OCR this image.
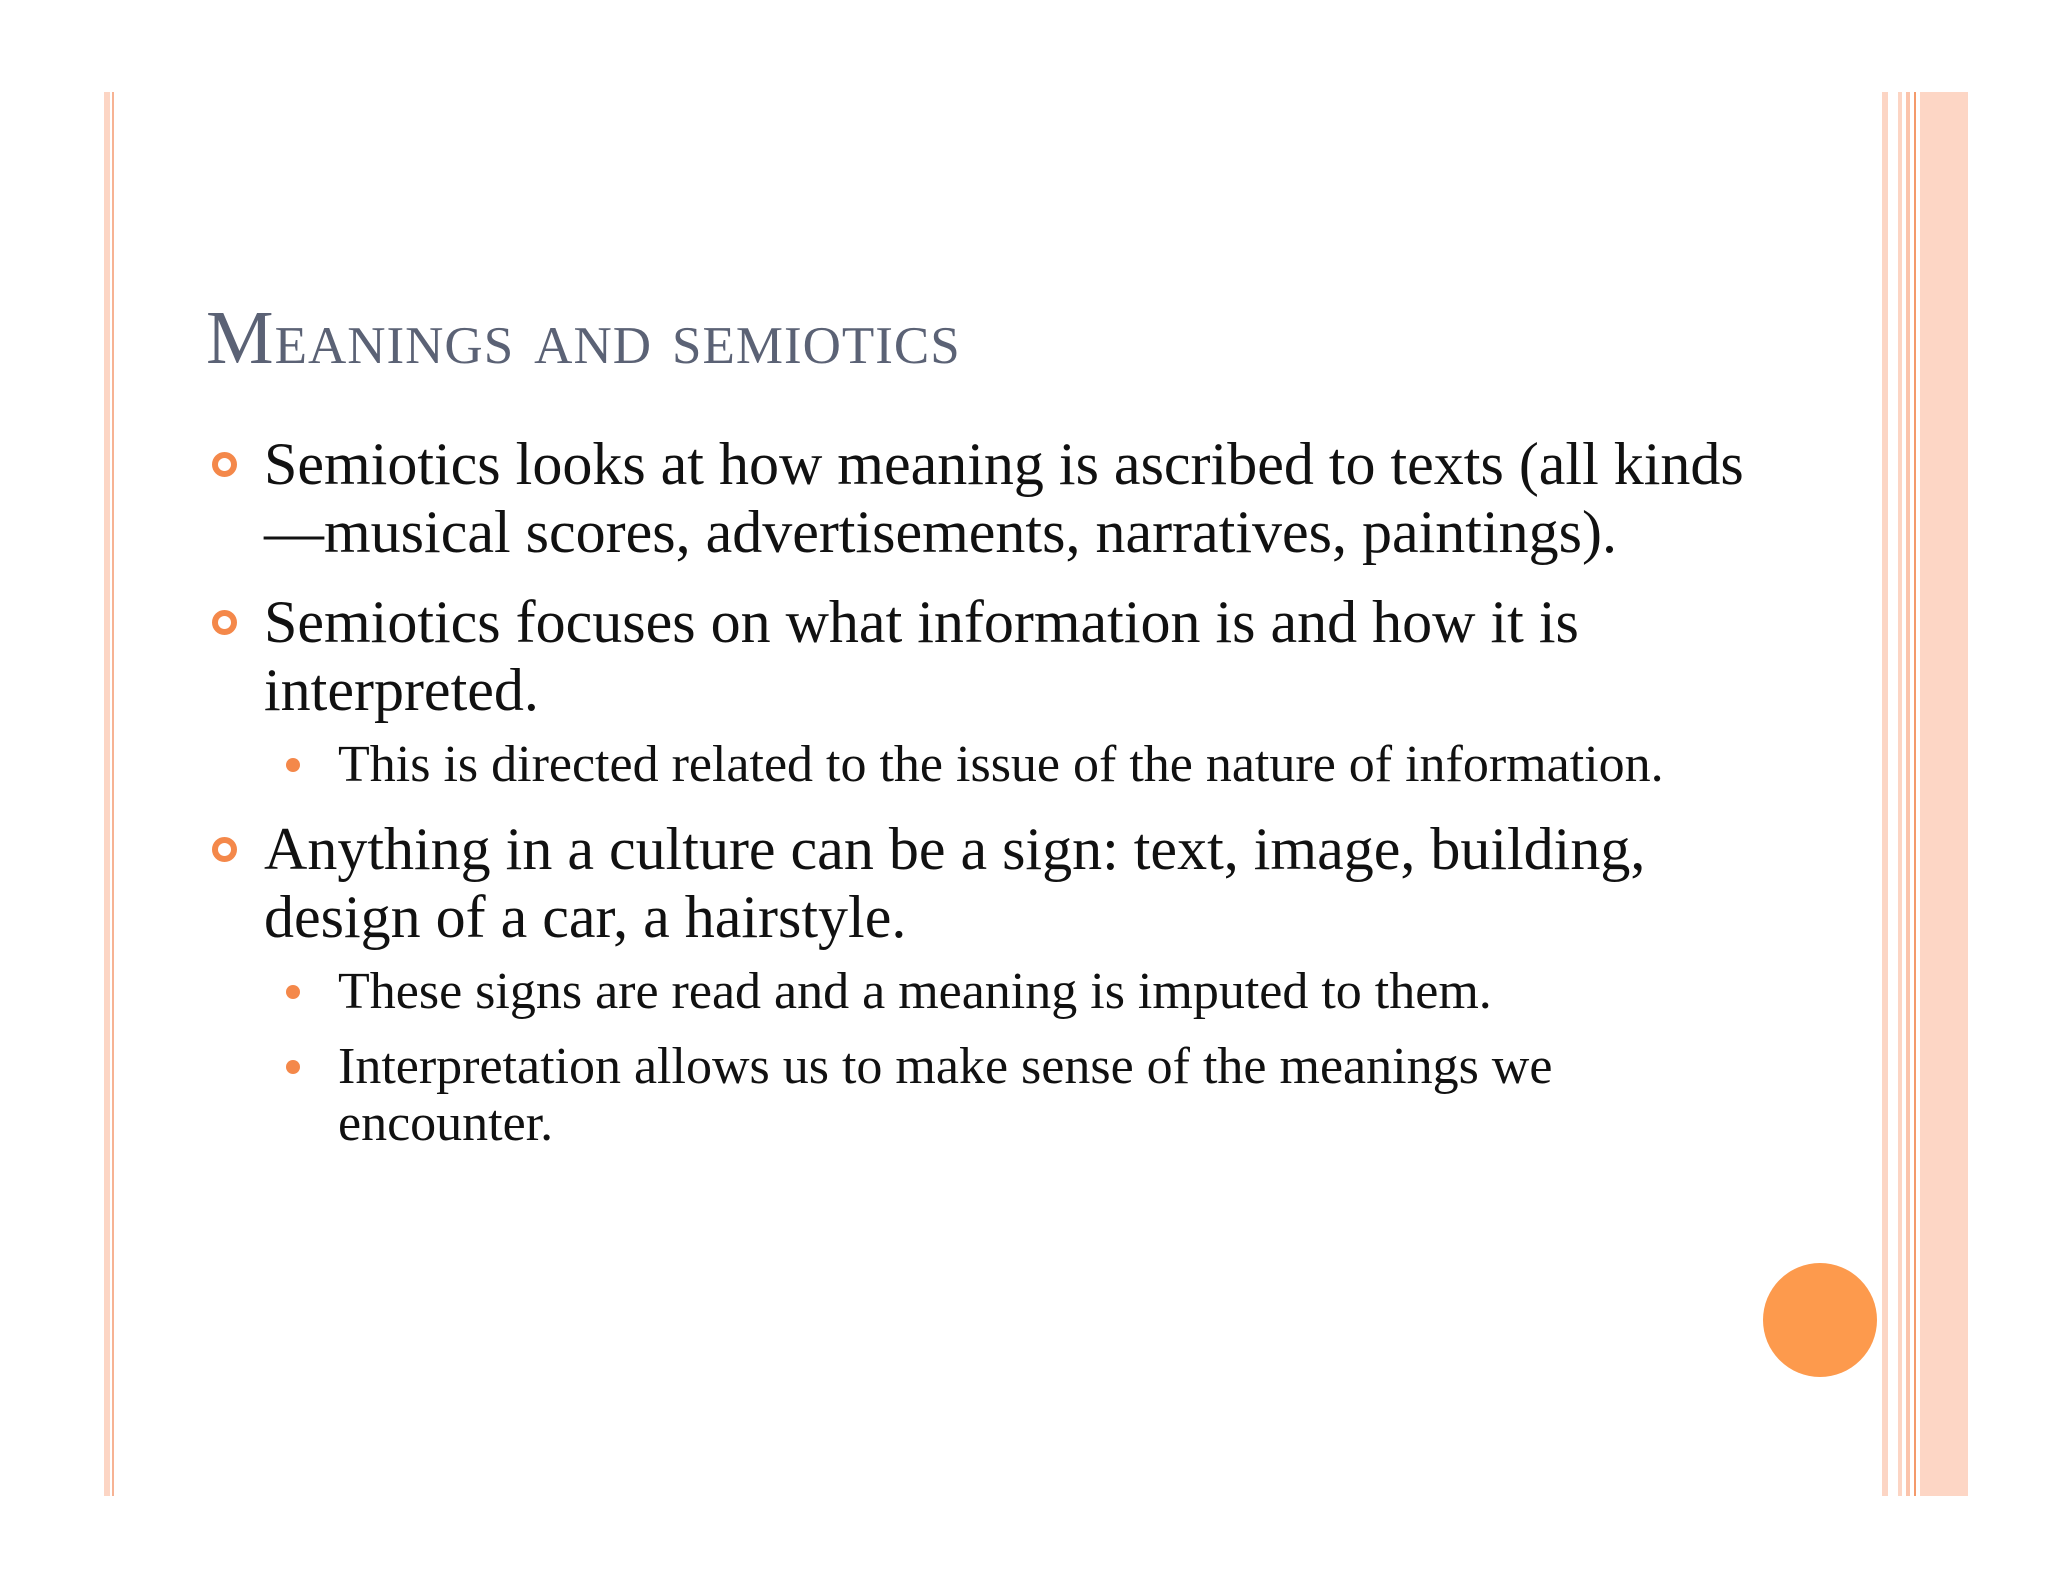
Meanings and semiotics
Semiotics looks at how meaning is ascribed to texts (all kinds—musical scores, advertisements, narratives, paintings).
Semiotics focuses on what information is and how it is interpreted.
This is directed related to the issue of the nature of information.
Anything in a culture can be a sign: text, image, building, design of a car, a hairstyle.
These signs are read and a meaning is imputed to them.
Interpretation allows us to make sense of the meanings we encounter.
